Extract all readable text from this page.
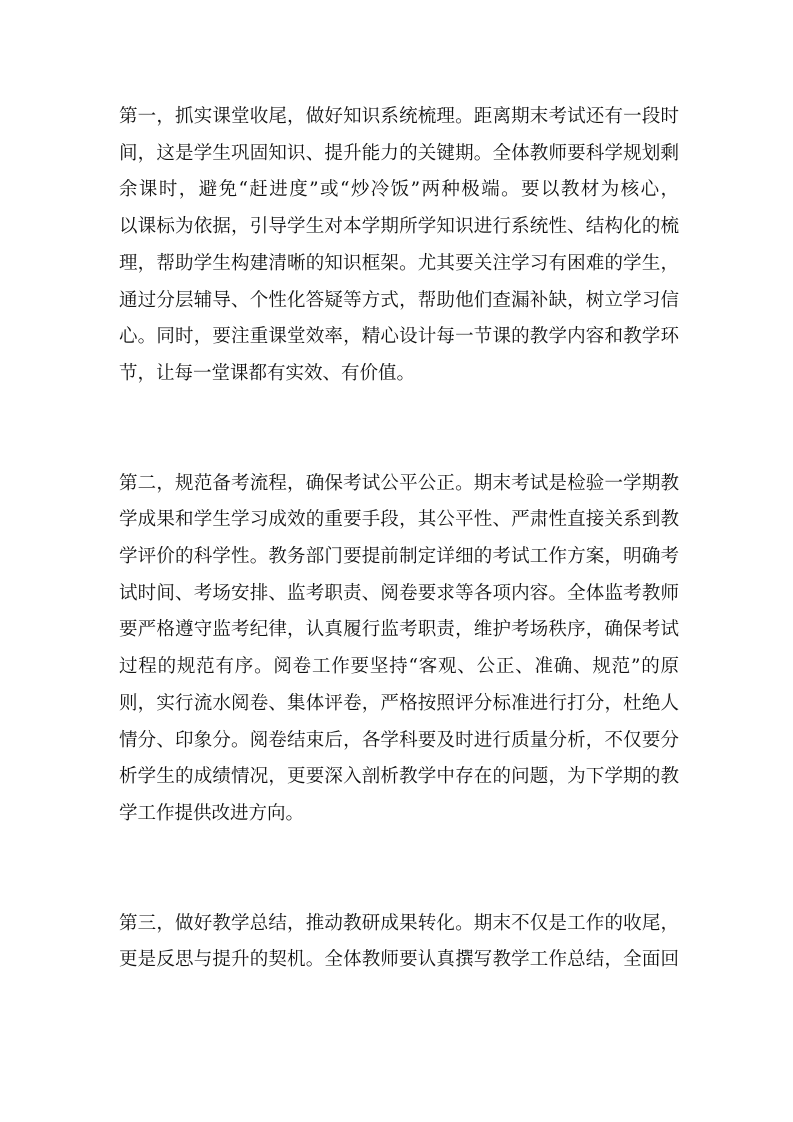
第一，抓实课堂收尾，做好知识系统梳理。距离期末考试还有一段时
间，这是学生巩固知识、提升能力的关键期。全体教师要科学规划剩
余课时，避免“赶进度”或“炒冷饭”两种极端。要以教材为核心，
以课标为依据，引导学生对本学期所学知识进行系统性、结构化的梳
理，帮助学生构建清晰的知识框架。尤其要关注学习有困难的学生，
通过分层辅导、个性化答疑等方式，帮助他们查漏补缺，树立学习信
心。同时，要注重课堂效率，精心设计每一节课的教学内容和教学环
节，让每一堂课都有实效、有价值。
第二，规范备考流程，确保考试公平公正。期末考试是检验一学期教
学成果和学生学习成效的重要手段，其公平性、严肃性直接关系到教
学评价的科学性。教务部门要提前制定详细的考试工作方案，明确考
试时间、考场安排、监考职责、阅卷要求等各项内容。全体监考教师
要严格遵守监考纪律，认真履行监考职责，维护考场秩序，确保考试
过程的规范有序。阅卷工作要坚持“客观、公正、准确、规范”的原
则，实行流水阅卷、集体评卷，严格按照评分标准进行打分，杜绝人
情分、印象分。阅卷结束后，各学科要及时进行质量分析，不仅要分
析学生的成绩情况，更要深入剖析教学中存在的问题，为下学期的教
学工作提供改进方向。
第三，做好教学总结，推动教研成果转化。期末不仅是工作的收尾，
更是反思与提升的契机。全体教师要认真撰写教学工作总结，全面回
